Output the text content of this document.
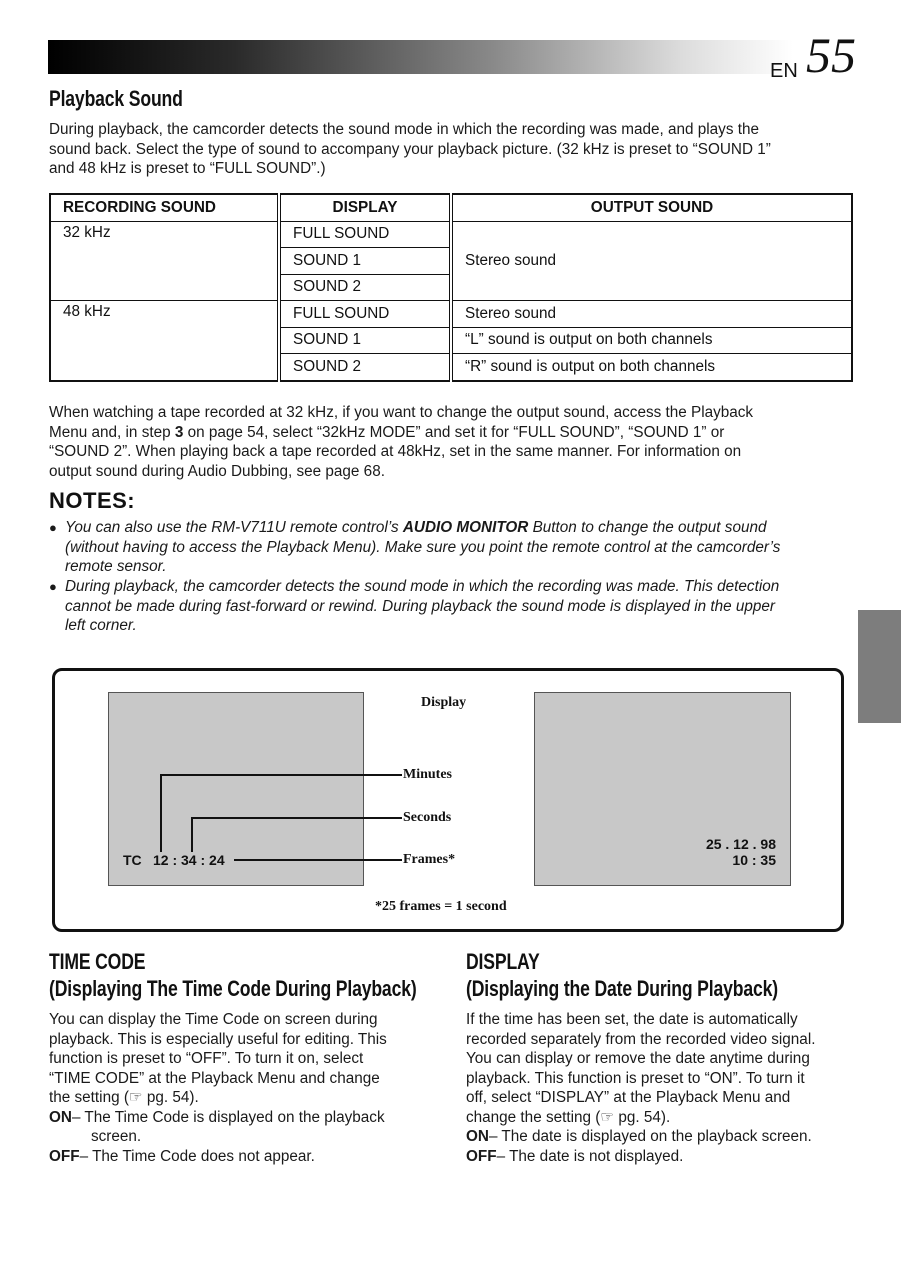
EN 55
Playback Sound
During playback, the camcorder detects the sound mode in which the recording was made, and plays the
sound back. Select the type of sound to accompany your playback picture. (32 kHz is preset to “SOUND 1”
and 48 kHz is preset to “FULL SOUND”.)
RECORDING SOUND	DISPLAY	OUTPUT SOUND
32 kHz	FULL SOUND	Stereo sound
	SOUND 1	
	SOUND 2	
48 kHz	FULL SOUND	Stereo sound
	SOUND 1	“L” sound is output on both channels
	SOUND 2	“R” sound is output on both channels
When watching a tape recorded at 32 kHz, if you want to change the output sound, access the Playback
Menu and, in step 3 on page 54, select “32kHz MODE” and set it for “FULL SOUND”, “SOUND 1” or
“SOUND 2”. When playing back a tape recorded at 48kHz, set in the same manner. For information on
output sound during Audio Dubbing, see page 68.
NOTES:
● You can also use the RM-V711U remote control’s AUDIO MONITOR Button to change the output sound
(without having to access the Playback Menu). Make sure you point the remote control at the camcorder’s
remote sensor.
● During playback, the camcorder detects the sound mode in which the recording was made. This detection
cannot be made during fast-forward or rewind. During playback the sound mode is displayed in the upper
left corner.
Display
TC 12 : 34 : 24
Minutes
Seconds
Frames*
25 . 12 . 98
10 : 35
*25 frames = 1 second
TIME CODE
(Displaying The Time Code During Playback)
You can display the Time Code on screen during
playback. This is especially useful for editing. This
function is preset to “OFF”. To turn it on, select
“TIME CODE” at the Playback Menu and change
the setting (☞ pg. 54).
ON– The Time Code is displayed on the playback
screen.
OFF– The Time Code does not appear.
DISPLAY
(Displaying the Date During Playback)
If the time has been set, the date is automatically
recorded separately from the recorded video signal.
You can display or remove the date anytime during
playback. This function is preset to “ON”. To turn it
off, select “DISPLAY” at the Playback Menu and
change the setting (☞ pg. 54).
ON– The date is displayed on the playback screen.
OFF– The date is not displayed.
